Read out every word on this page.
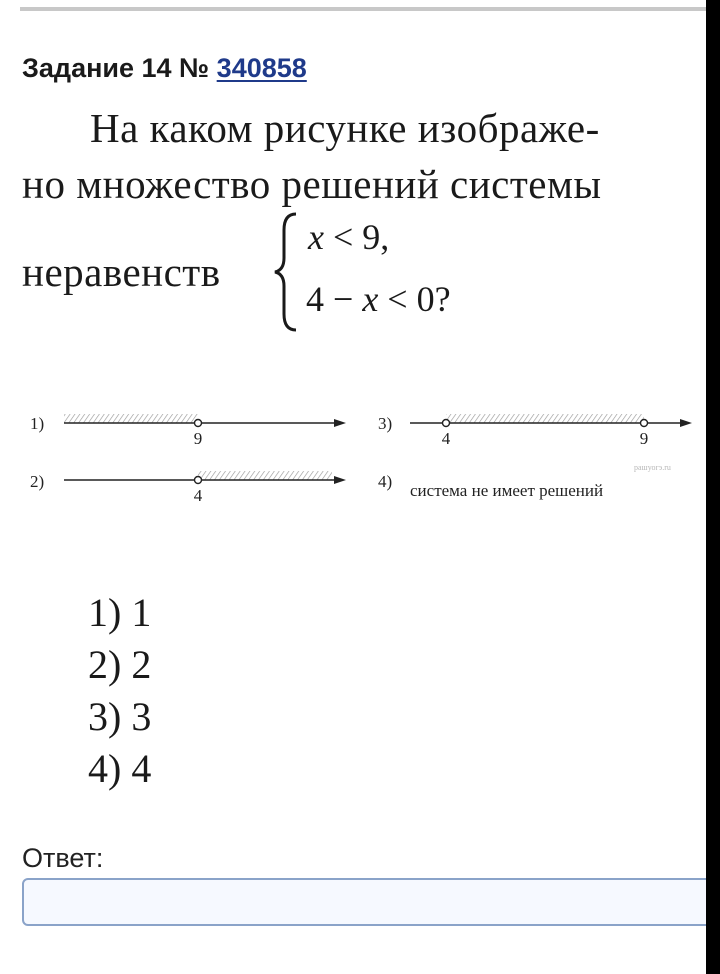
Задание 14 № 340858
На каком рисунке изображе-
но множество решений системы
неравенств
x < 9,
4 − x < 0?
1)
9
2)
4
3)
4	9
pашуогэ.ru
4) система не имеет решений
1) 1
2) 2
3) 3
4) 4
Ответ:
